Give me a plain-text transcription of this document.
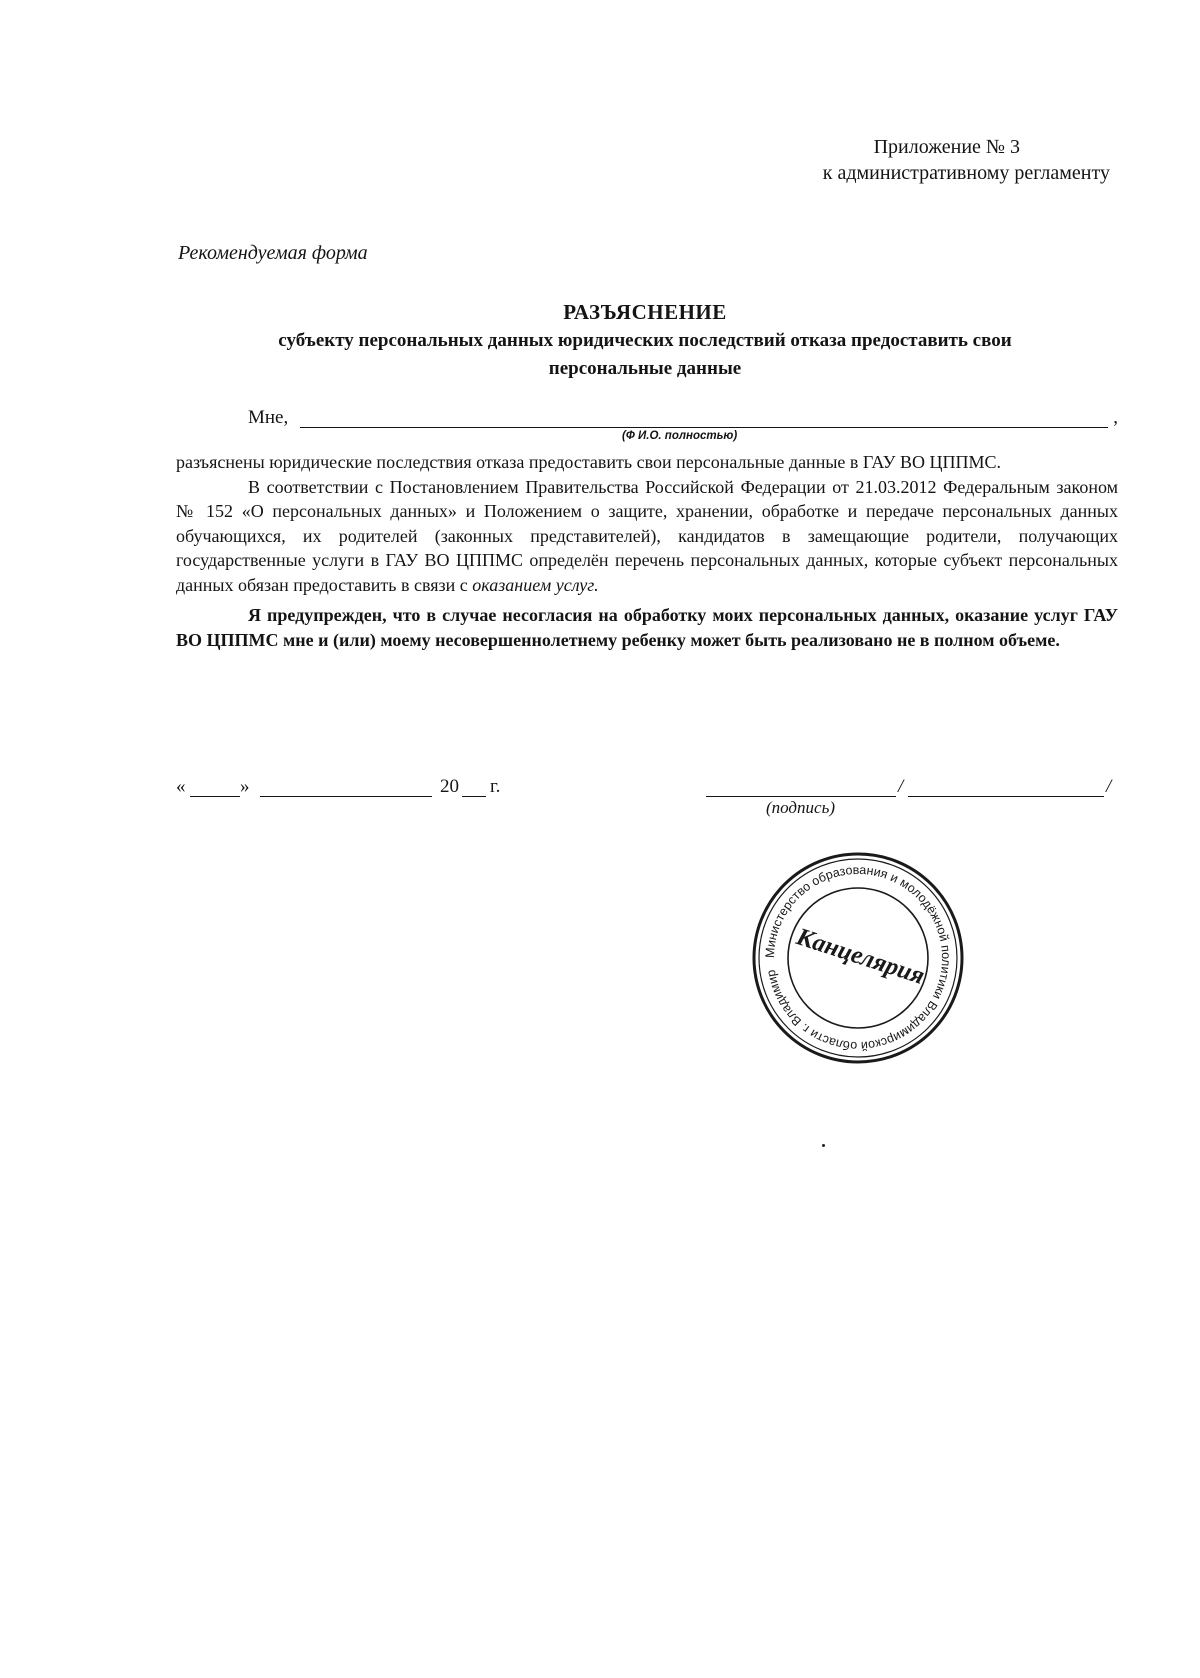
Приложение № 3
к административному регламенту
Рекомендуемая форма
РАЗЪЯСНЕНИЕ
субъекту персональных данных юридических последствий отказа предоставить свои
персональные данные
Мне,	,
(Ф И.О. полностью)

разъяснены юридические последствия отказа предоставить свои персональные данные в ГАУ ВО ЦППМС.

В соответствии с Постановлением Правительства Российской Федерации от 21.03.2012 Федеральным законом № 152 «О персональных данных» и Положением о защите, хранении, обработке и передаче персональных данных обучающихся, их родителей (законных представителей), кандидатов в замещающие родители, получающих государственные услуги в ГАУ ВО ЦППМС определён перечень персональных данных, которые субъект персональных данных обязан предоставить в связи с оказанием услуг.

Я предупрежден, что в случае несогласия на обработку моих персональных данных, оказание услуг ГАУ ВО ЦППМС мне и (или) моему несовершеннолетнему ребенку может быть реализовано не в полном объеме.

«	»	20 г.	/	/
(подпись)
Министерство образования и молодёжной политики Владимирской области г. Владимир Канцелярия
